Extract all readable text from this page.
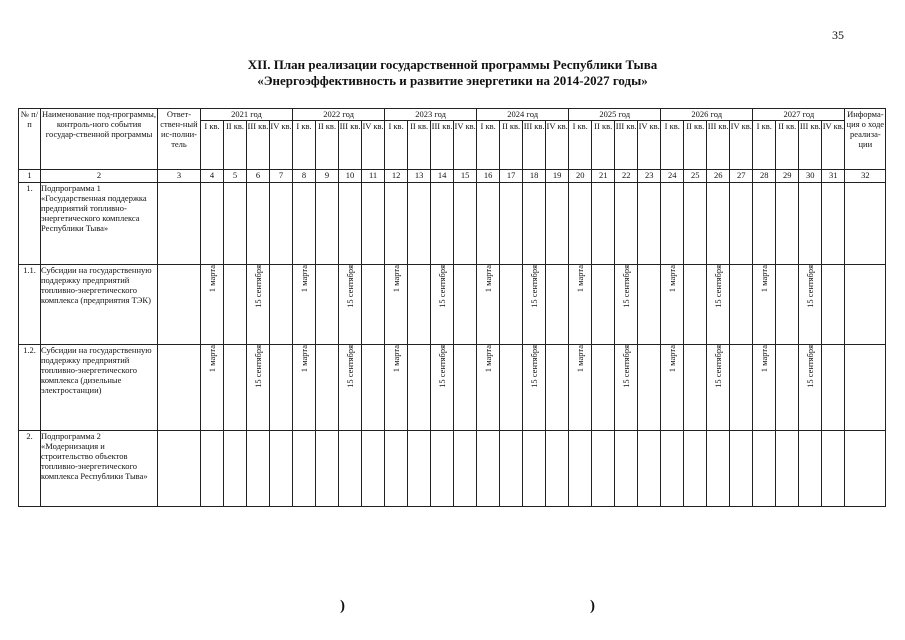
35
XII. План реализации государственной программы Республики Тыва
«Энергоэффективность и развитие энергетики на 2014-2027 годы»
№ п/п	Наименование под-программы, контроль-ного события государ-ственной программы	Ответ-ствен-ный ис-полни-тель	2021 год				2022 год				2023 год				2024 год				2025 год				2026 год				2027 год				Информа-ция о ходе реализа-ции
			I кв.	II кв.	III кв.	IV кв.	I кв.	II кв.	III кв.	IV кв.	I кв.	II кв.	III кв.	IV кв.	I кв.	II кв.	III кв.	IV кв.	I кв.	II кв.	III кв.	IV кв.	I кв.	II кв.	III кв.	IV кв.	I кв.	II кв.	III кв.	IV кв.	
1	2	3	4	5	6	7	8	9	10	11	12	13	14	15	16	17	18	19	20	21	22	23	24	25	26	27	28	29	30	31	32
1.	Подпрограмма 1 «Государственная поддержка предприятий топливно-энергетического комплекса Республики Тыва»																														
1.1.	Субсидии на государственную поддержку предприятий топливно-энергетического комплекса (предприятия ТЭК)		1 марта		15 сентября		1 марта		15 сентября		1 марта		15 сентября		1 марта		15 сентября		1 марта		15 сентября		1 марта		15 сентября		1 марта		15 сентября		
1.2.	Субсидии на государственную поддержку предприятий топливно-энергетического комплекса (дизельные электростанции)		1 марта		15 сентября		1 марта		15 сентября		1 марта		15 сентября		1 марта		15 сентября		1 марта		15 сентября		1 марта		15 сентября		1 марта		15 сентября		
2.	Подпрограмма 2 «Модернизация и строительство объектов топливно-энергетического комплекса Республики Тыва»																														
)	)
